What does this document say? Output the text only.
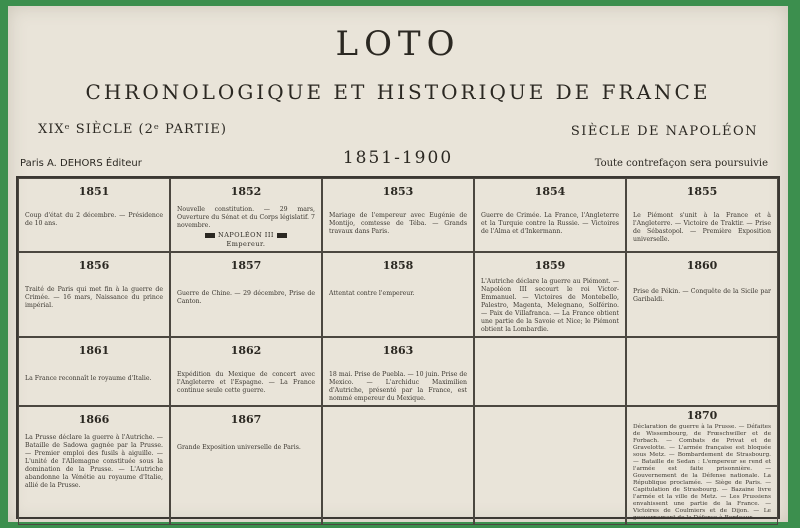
LOTO
CHRONOLOGIQUE ET HISTORIQUE DE FRANCE
XIXᵉ SIÈCLE (2ᵉ PARTIE)	SIÈCLE DE NAPOLÉON
1851-1900
Paris A. DEHORS Éditeur	Toute contrefaçon sera poursuivie
1851
Coup d'état du 2 décembre. — Présidence de 10 ans.
1852
Nouvelle constitution. — 29 mars, Ouverture du Sénat et du Corps législatif. 7 novembre.
NAPOLÉON III
Empereur.
1853
Mariage de l'empereur avec Eugénie de Montijo, comtesse de Téba. — Grands travaux dans Paris.
1854
Guerre de Crimée. La France, l'Angleterre et la Turquie contre la Russie. — Victoires de l'Alma et d'Inkermann.
1855
Le Piémont s'unit à la France et à l'Angleterre. — Victoire de Traktir. — Prise de Sébastopol. — Première Exposition universelle.
1856
Traité de Paris qui met fin à la guerre de Crimée. — 16 mars, Naissance du prince impérial.
1857
Guerre de Chine. — 29 décembre, Prise de Canton.
1858
Attentat contre l'empereur.
1859
L'Autriche déclare la guerre au Piémont. — Napoléon III secourt le roi Victor-Emmanuel. — Victoires de Montebello, Palestro, Magenta, Melegnano, Solférino. — Paix de Villafranca. — La France obtient une partie de la Savoie et Nice; le Piémont obtient la Lombardie.
1860
Prise de Pékin. — Conquête de la Sicile par Garibaldi.
1861
La France reconnaît le royaume d'Italie.
1862
Expédition du Mexique de concert avec l'Angleterre et l'Espagne. — La France continue seule cette guerre.
1863
18 mai. Prise de Puebla. — 10 juin. Prise de Mexico. — L'archiduc Maximilien d'Autriche, présenté par la France, est nommé empereur du Mexique.
1866
La Prusse déclare la guerre à l'Autriche. — Bataille de Sadowa gagnée par la Prusse. — Premier emploi des fusils à aiguille. — L'unité de l'Allemagne constituée sous la domination de la Prusse. — L'Autriche abandonne la Vénétie au royaume d'Italie, allié de la Prusse.
1867
Grande Exposition universelle de Paris.
1870
Déclaration de guerre à la Prusse. — Défaites de Wissembourg, de Frœschwiller et de Forbach. — Combats de Privat et de Gravelotte. — L'armée française est bloquée sous Metz. — Bombardement de Strasbourg. — Bataille de Sedan : L'empereur se rend et l'armée est faite prisonnière. — Gouvernement de la Défense nationale. La République proclamée. — Siège de Paris. — Capitulation de Strasbourg. — Bazaine livre l'armée et la ville de Metz. — Les Prussiens envahissent une partie de la France. — Victoires de Coulmiers et de Dijon. — Le gouvernement de la Défense à Bordeaux.
